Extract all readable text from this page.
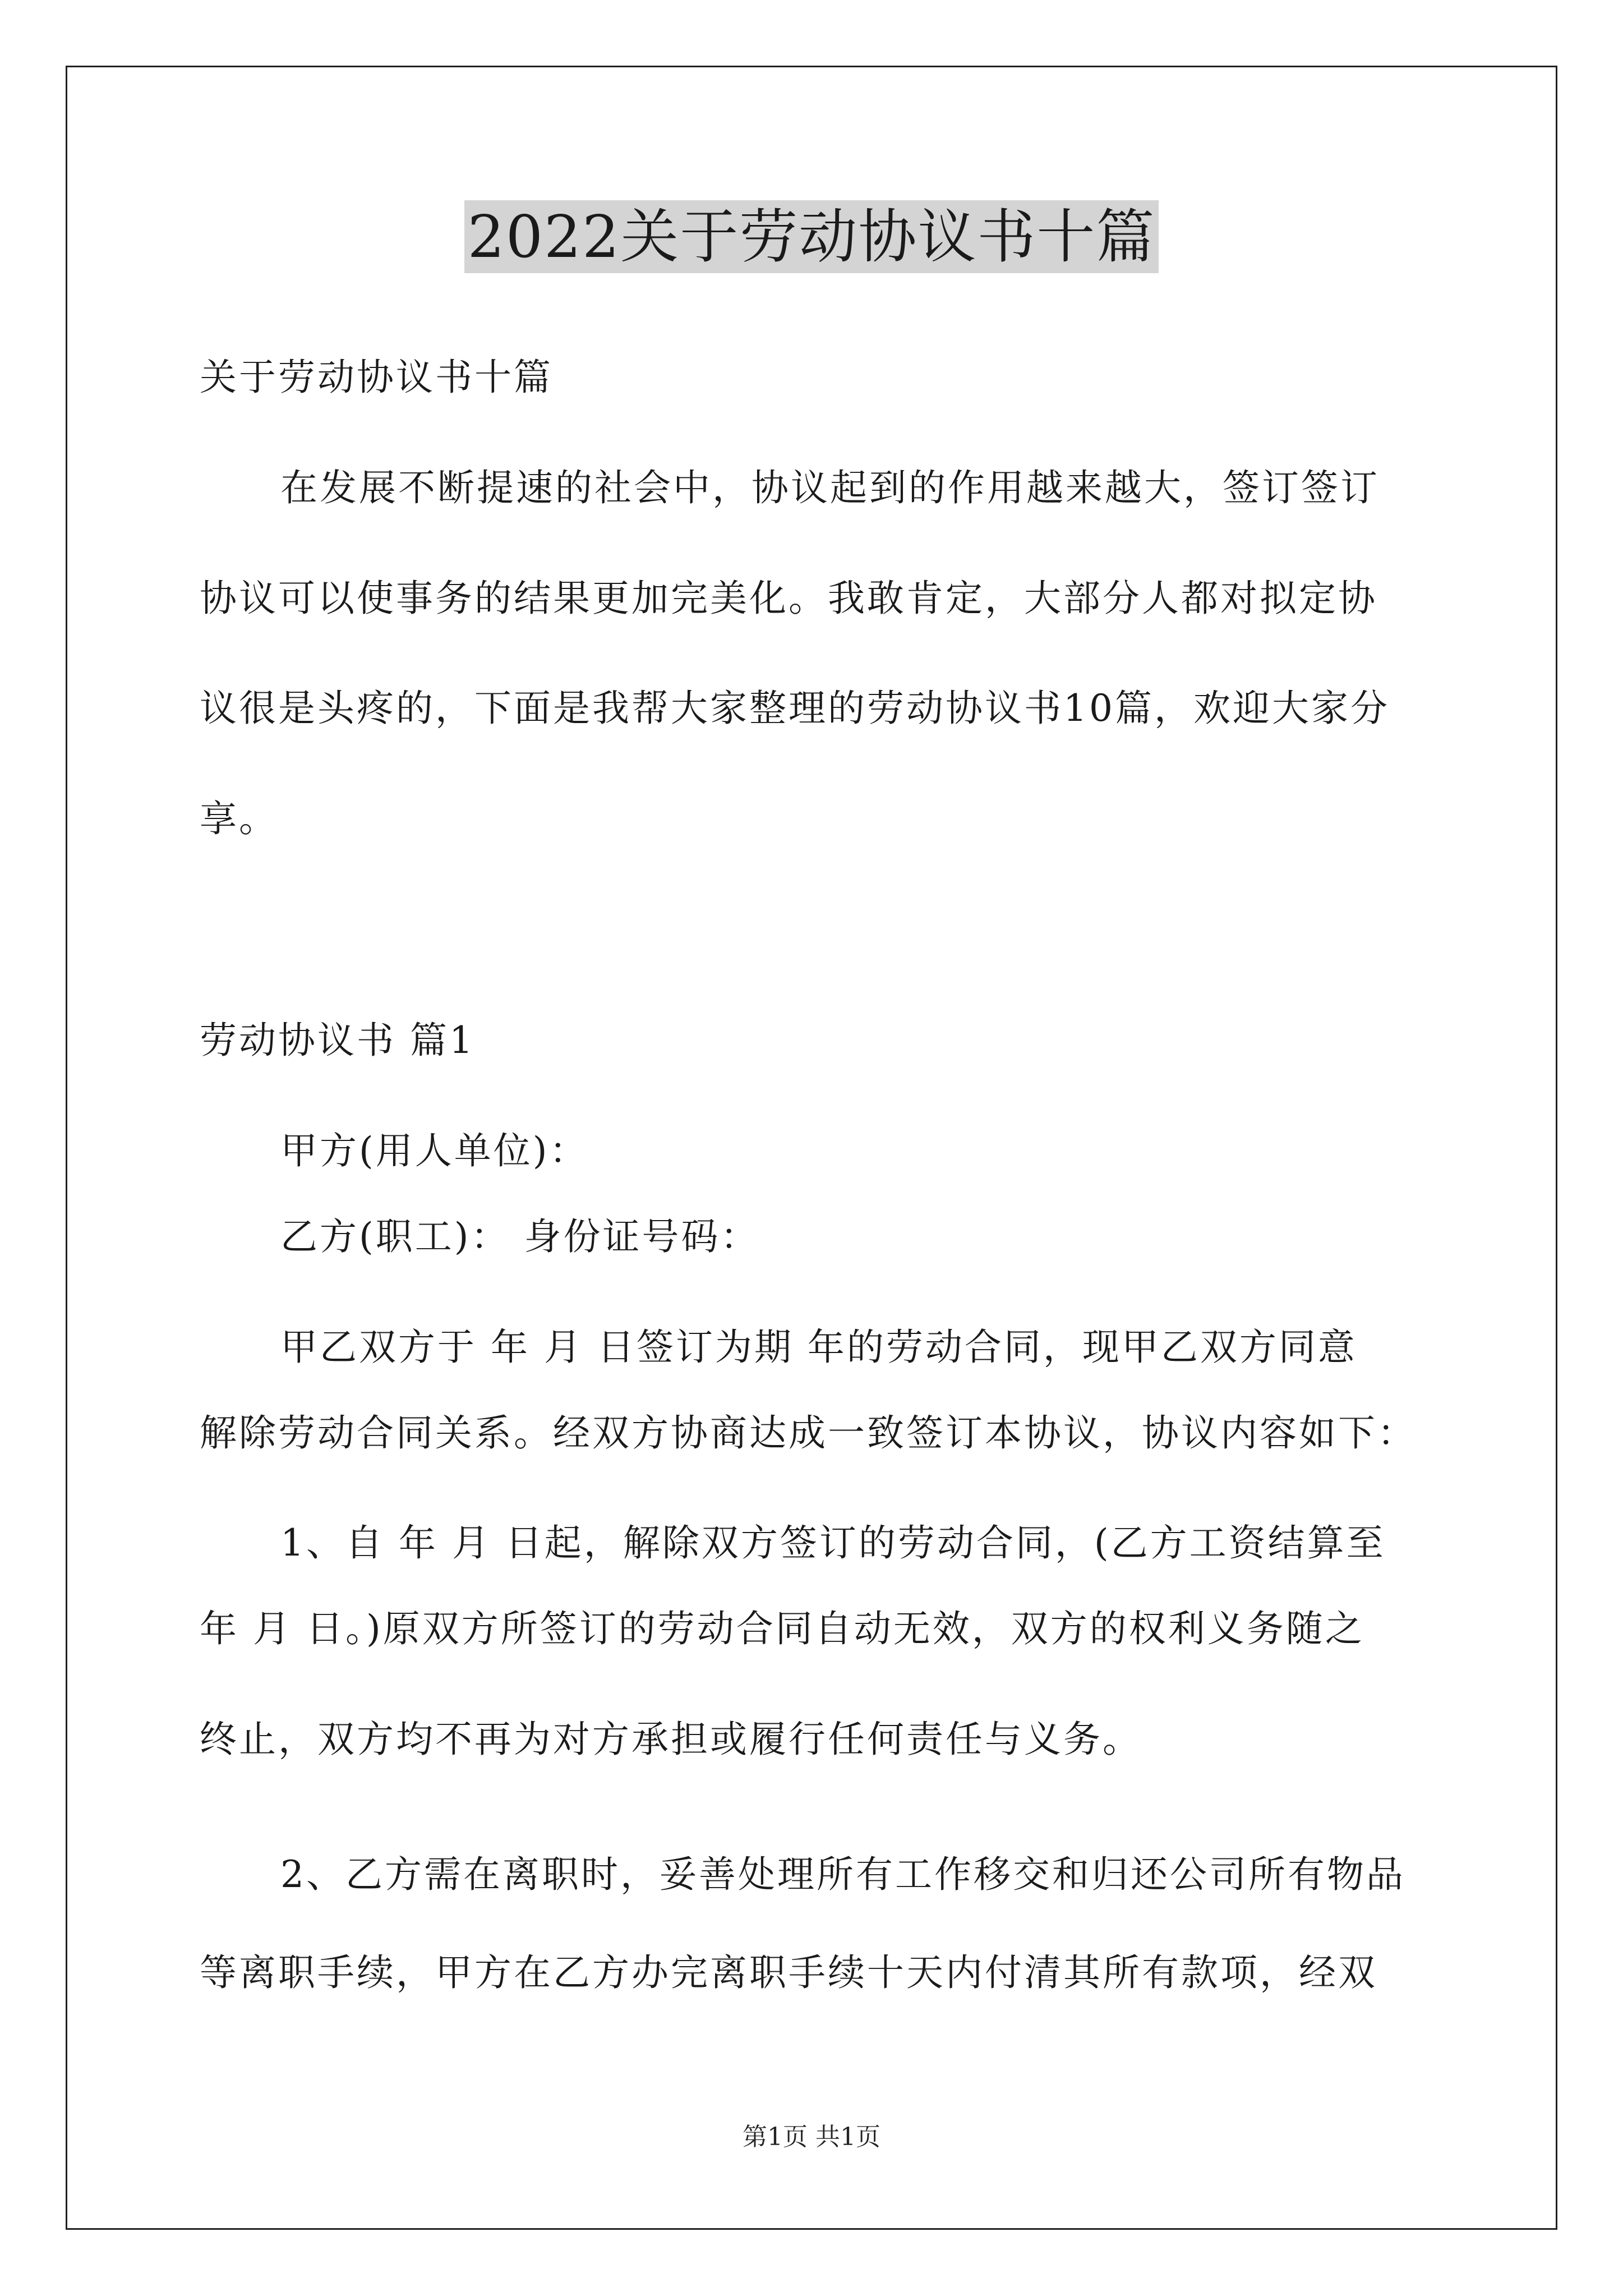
2022关于劳动协议书十篇
关于劳动协议书十篇
在发展不断提速的社会中，协议起到的作用越来越大，签订签订
协议可以使事务的结果更加完美化。我敢肯定，大部分人都对拟定协
议很是头疼的，下面是我帮大家整理的劳动协议书10篇，欢迎大家分
享。
劳动协议书 篇1
甲方(用人单位)：
乙方(职工)： 身份证号码：
甲乙双方于 年 月 日签订为期 年的劳动合同，现甲乙双方同意
解除劳动合同关系。经双方协商达成一致签订本协议，协议内容如下：
1、自 年 月 日起，解除双方签订的劳动合同，(乙方工资结算至
年 月 日。)原双方所签订的劳动合同自动无效，双方的权利义务随之
终止，双方均不再为对方承担或履行任何责任与义务。
2、乙方需在离职时，妥善处理所有工作移交和归还公司所有物品
等离职手续，甲方在乙方办完离职手续十天内付清其所有款项，经双
第1页 共1页
